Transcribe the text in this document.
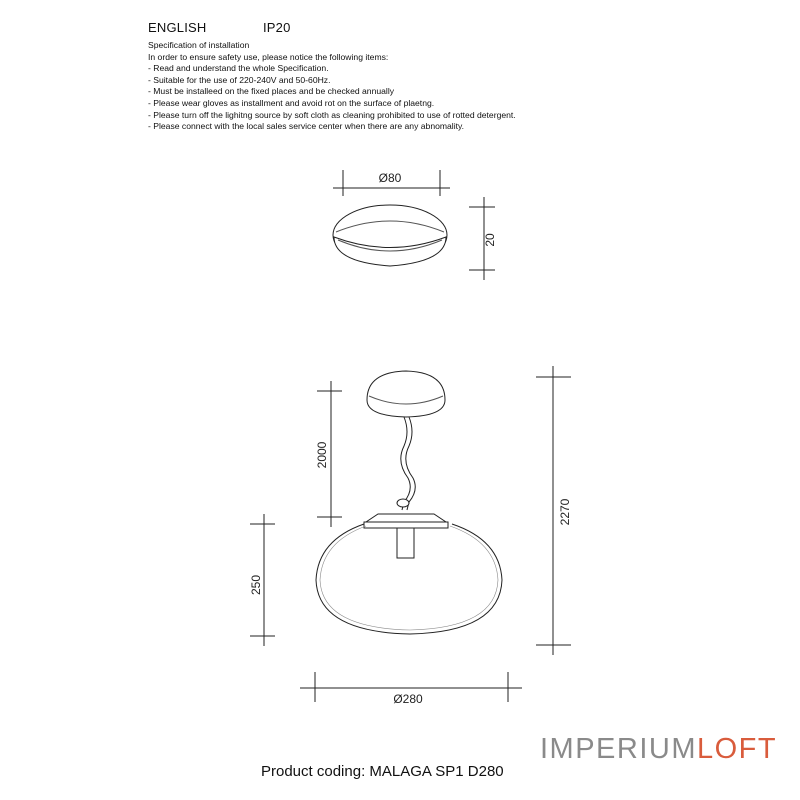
ENGLISH	IP20
Specification of installation
In order to ensure safety use, please notice the following items:
- Read and understand the whole Specification.
- Suitable for the use of 220-240V and 50-60Hz.
- Must be installeed on the fixed places and be checked annually
- Please wear gloves as installment and avoid rot on the surface of plaetng.
- Please turn off the lighitng source by soft cloth as cleaning prohibited to use of rotted detergent.
- Please connect with the local sales service center when there are any abnomality.
Ø80
20
2000
250
2270
Ø280
IMPERIUMLOFT
Product coding: MALAGA SP1 D280
